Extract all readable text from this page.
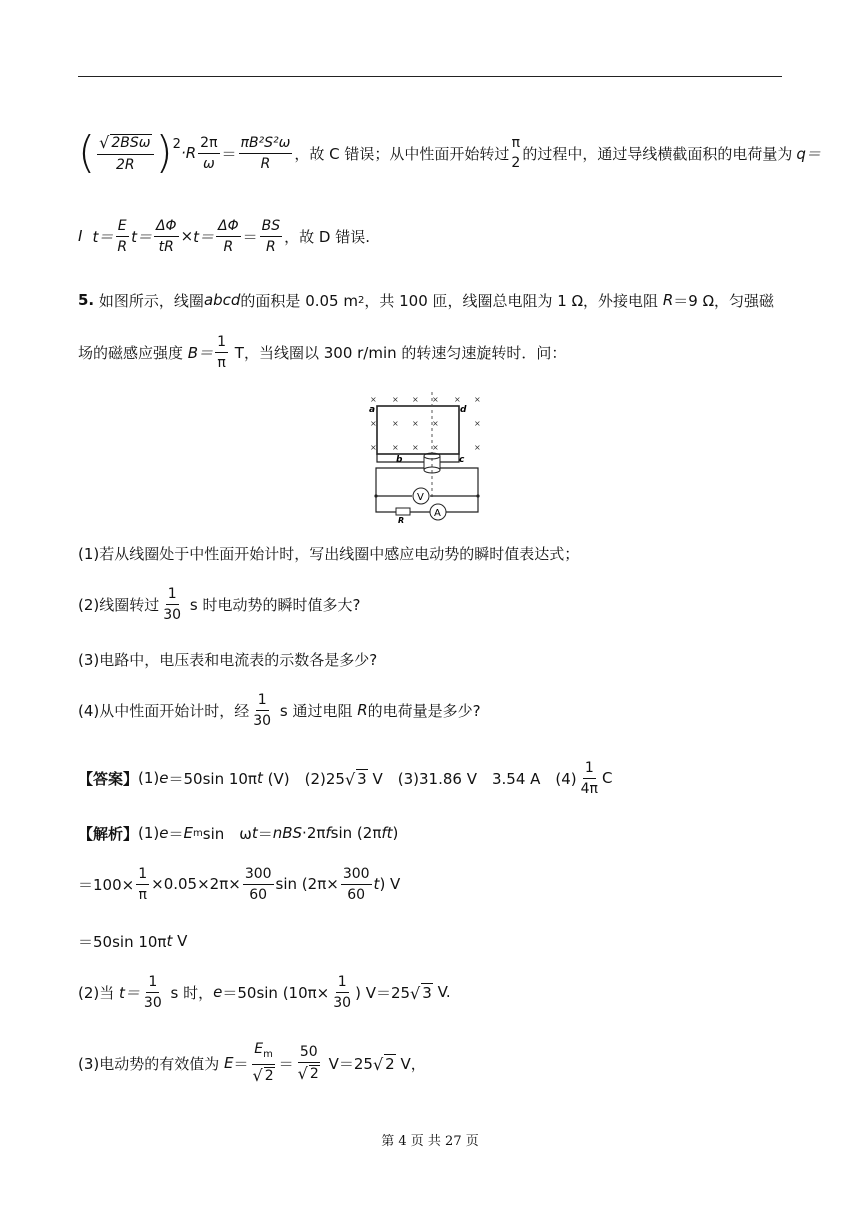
( $\frac{\text{√ 2BSω}}{2R}$ ) $2 \cdot R \frac{2\pi}{\omega} = \frac{\text{πB²S²ω}}{R}$ ，故 C 错误；从中性面开始转过
π
2
的过程中，通过导线横截面积的电荷量为 q＝
I $t= \frac{E}{R} t= \frac{\Delta\Phi}{tR} \times t= \frac{\Delta\Phi}{R} = \frac{BS}{R}$ ，故 D 错误.
5.
如图所示，线圈 abcd 的面积是 0.05 m 2 ，共 100 匝，线圈总电阻为 1 Ω，外接电阻
R ＝9 Ω，匀强磁
场的磁感应强度
$B= \frac{1}{\pi}$
T，当线圈以 300 r/min 的转速匀速旋转时．问：
× × × × × ×
× × × ×	×
× × × ×	×
a	d
b	c
V
R
A
(1)若从线圈处于中性面开始计时，写出线圈中感应电动势的瞬时值表达式；
(2)线圈转过 $\frac{1}{30}$
s 时电动势的瞬时值多大?
(3)电路中，电压表和电流表的示数各是多少?
(4)从中性面开始计时，经 $\frac{1}{30}$
s 通过电阻
R 的电荷量是多少?
【答案】 (1) e ＝50sin 10π t
(V)　(2)25 √ 3
V　(3)31.86 V　3.54 A　$(4) \frac{1}{4\pi}$ C
【解析】 (1) e ＝ E m sin　ω t ＝ nBS ·2π f sin (2π ft )
$=100\times \frac{1}{\pi} \times 0.05\times 2\pi\times \frac{300}{60}$ $\sin (2\pi\times \frac{300}{60}$ t ) V
＝50sin 10π t
V
(2)当
$t= \frac{1}{30}$
s 时， e ＝50sin ($10\pi\times \frac{1}{30}$ ) V＝25 √ 3
V.
(3)电动势的有效值为
$E = \frac{E_m}{√ 2} = \frac{50}{√ 2}$
V＝25 √ 2
V，
第 4 页 共 27 页
